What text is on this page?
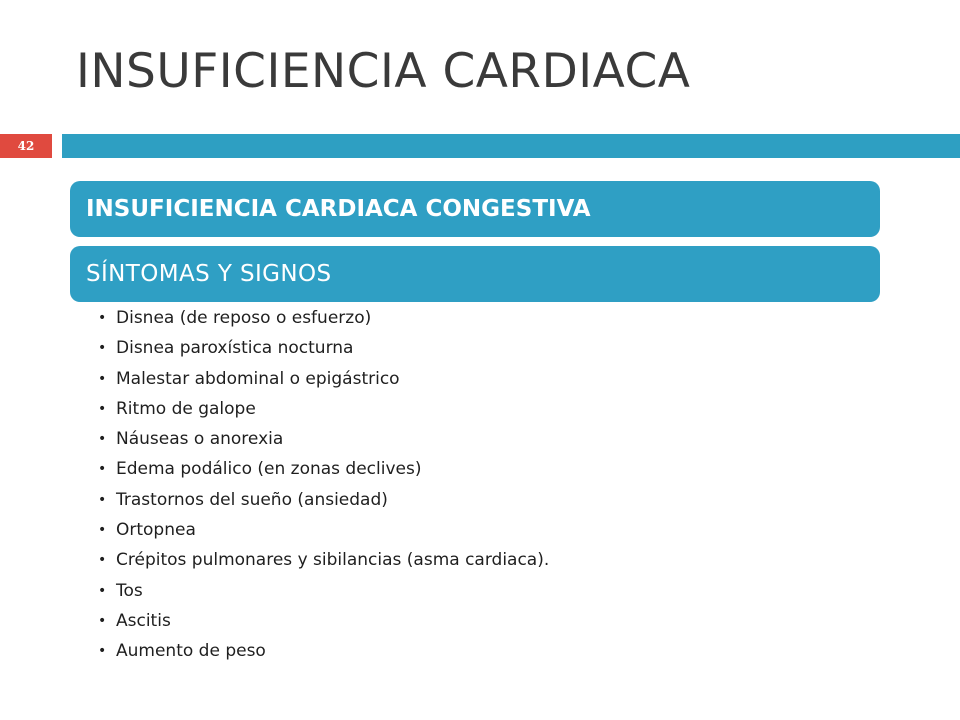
INSUFICIENCIA CARDIACA
42
INSUFICIENCIA CARDIACA CONGESTIVA
SÍNTOMAS Y SIGNOS
• Disnea (de reposo o esfuerzo)
• Disnea paroxística nocturna
• Malestar abdominal o epigástrico
• Ritmo de galope
• Náuseas o anorexia
• Edema podálico (en zonas declives)
• Trastornos del sueño (ansiedad)
• Ortopnea
• Crépitos pulmonares y sibilancias (asma cardiaca).
• Tos
• Ascitis
• Aumento de peso
